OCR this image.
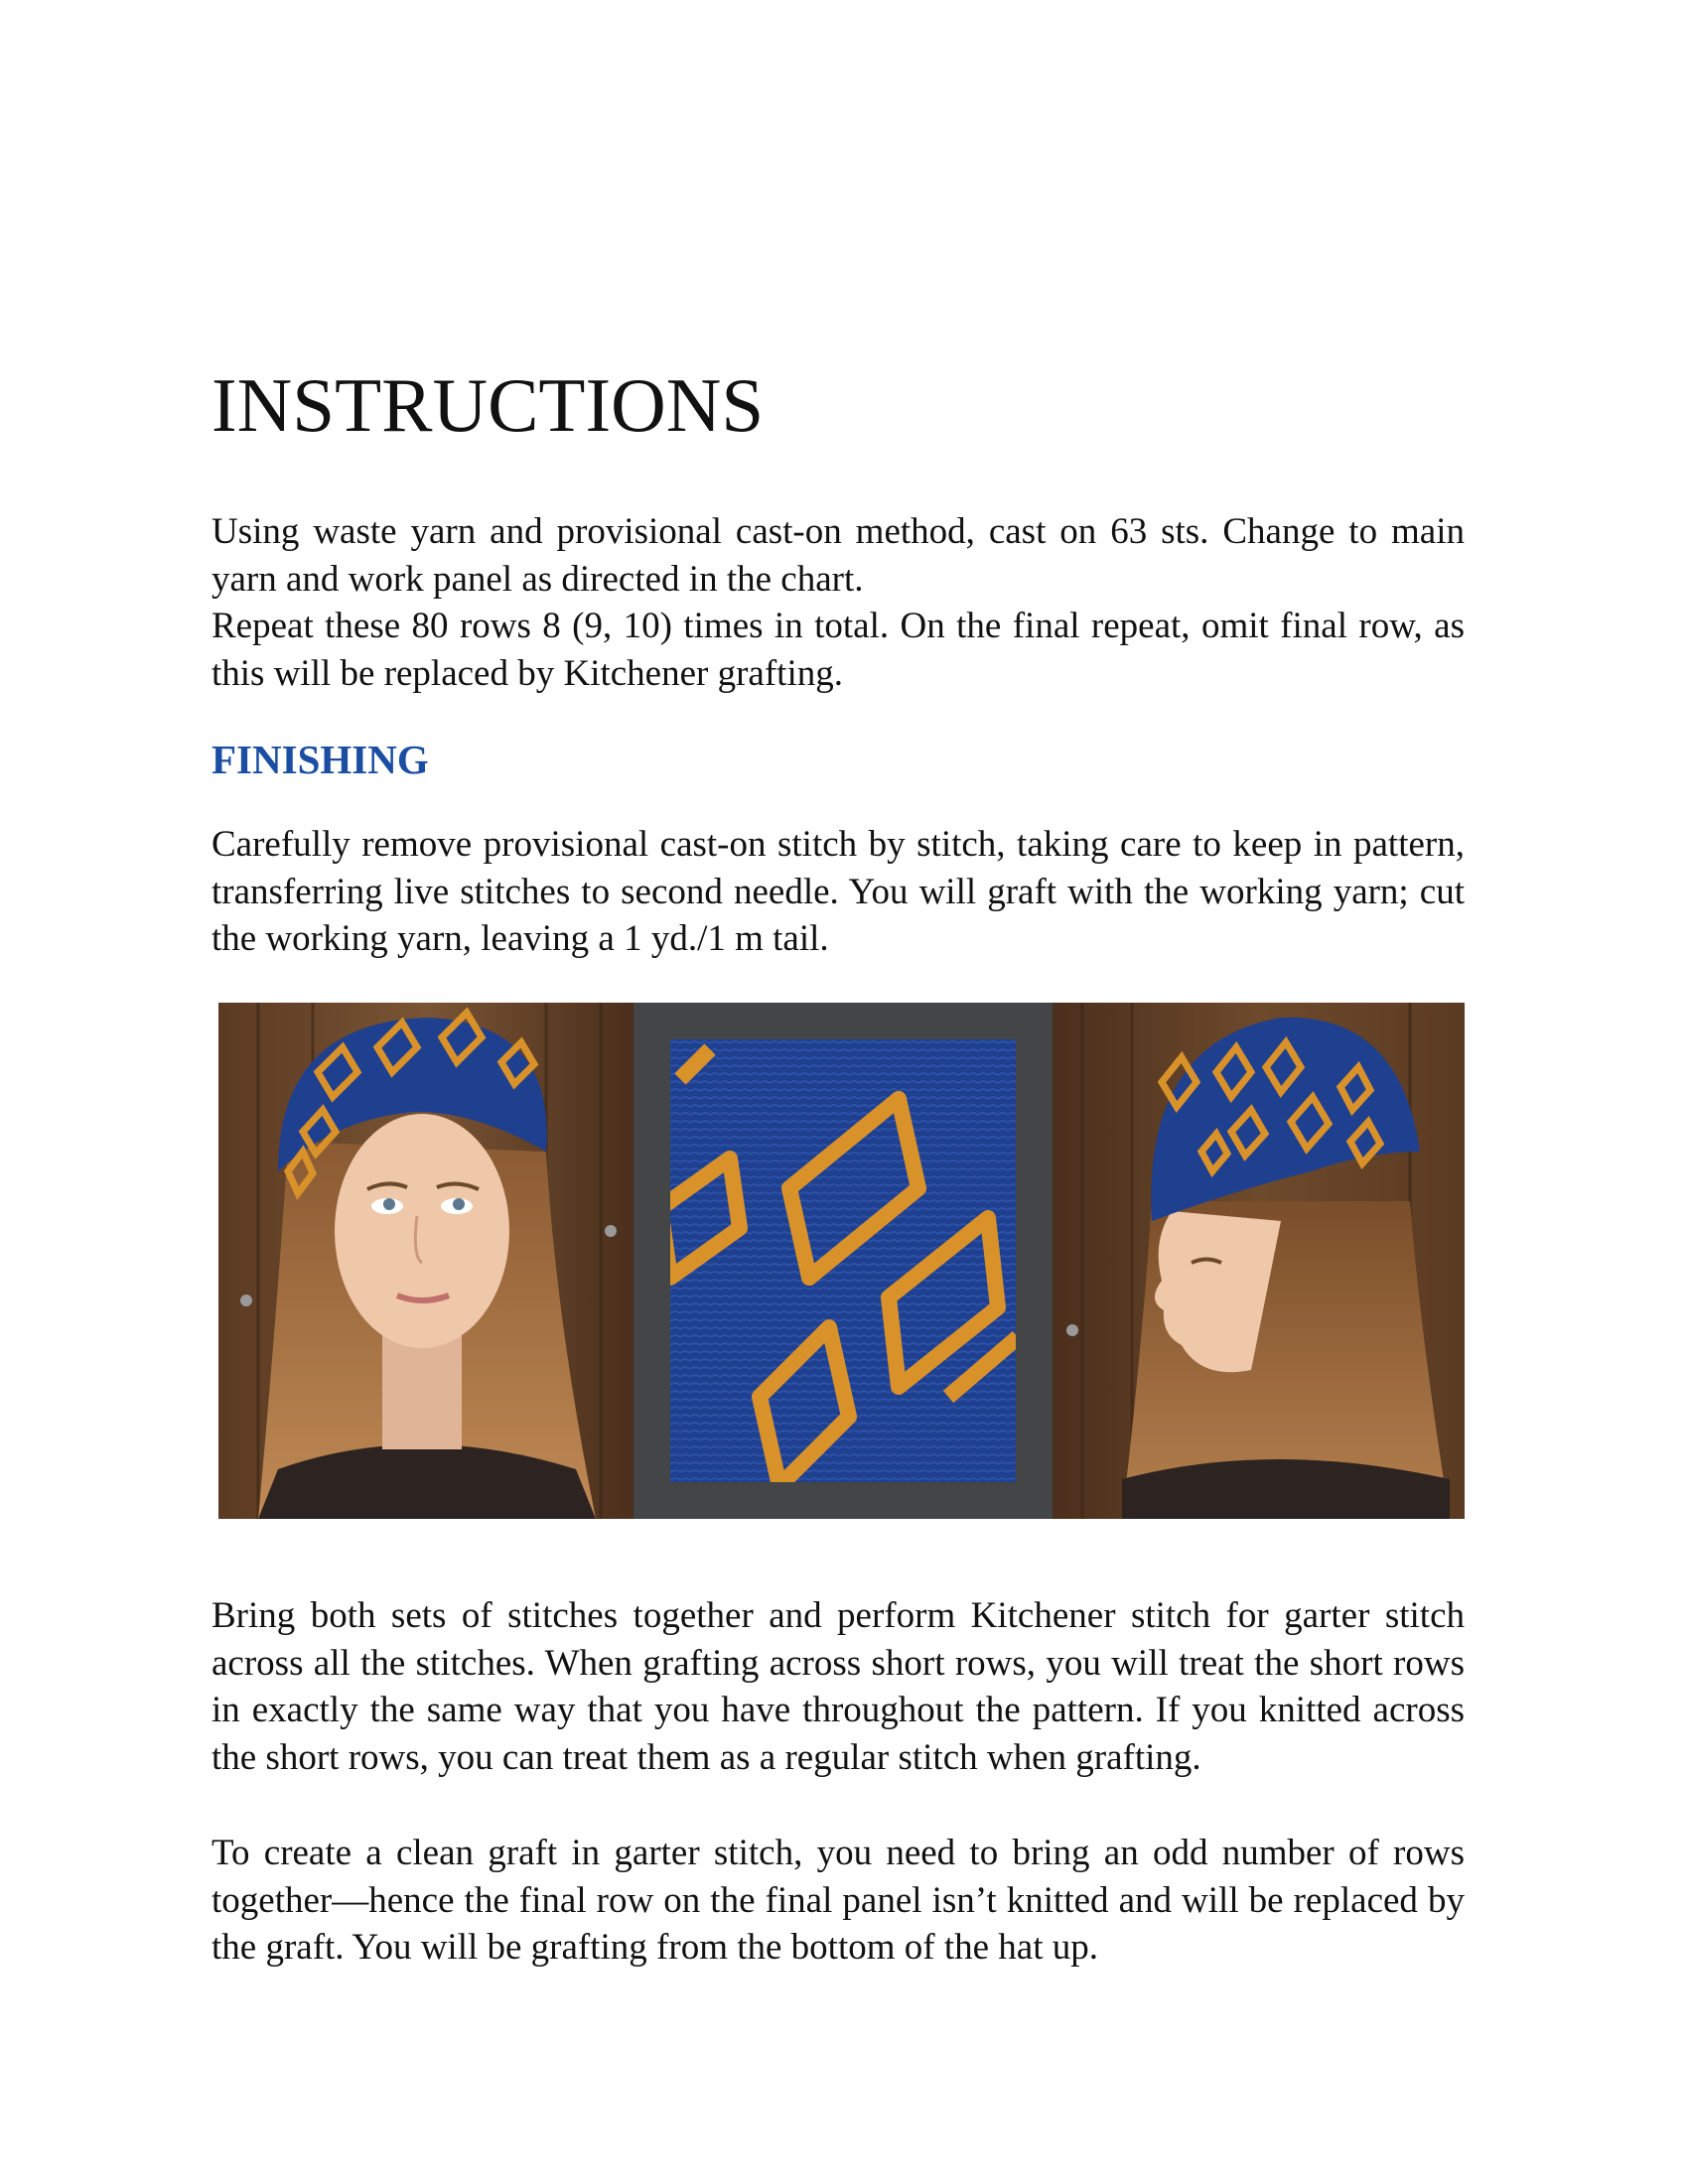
INSTRUCTIONS

Using waste yarn and provisional cast-on method, cast on 63 sts. Change to main yarn and work panel as directed in the chart.

Repeat these 80 rows 8 (9, 10) times in total. On the final repeat, omit final row, as this will be replaced by Kitchener grafting.

FINISHING

Carefully remove provisional cast-on stitch by stitch, taking care to keep in pattern, transferring live stitches to second needle. You will graft with the working yarn; cut the working yarn, leaving a 1 yd./1 m tail.

Bring both sets of stitches together and perform Kitchener stitch for garter stitch across all the stitches. When grafting across short rows, you will treat the short rows in exactly the same way that you have throughout the pattern. If you knitted across the short rows, you can treat them as a regular stitch when grafting.

To create a clean graft in garter stitch, you need to bring an odd number of rows together—hence the final row on the final panel isn’t knitted and will be replaced by the graft. You will be grafting from the bottom of the hat up.
